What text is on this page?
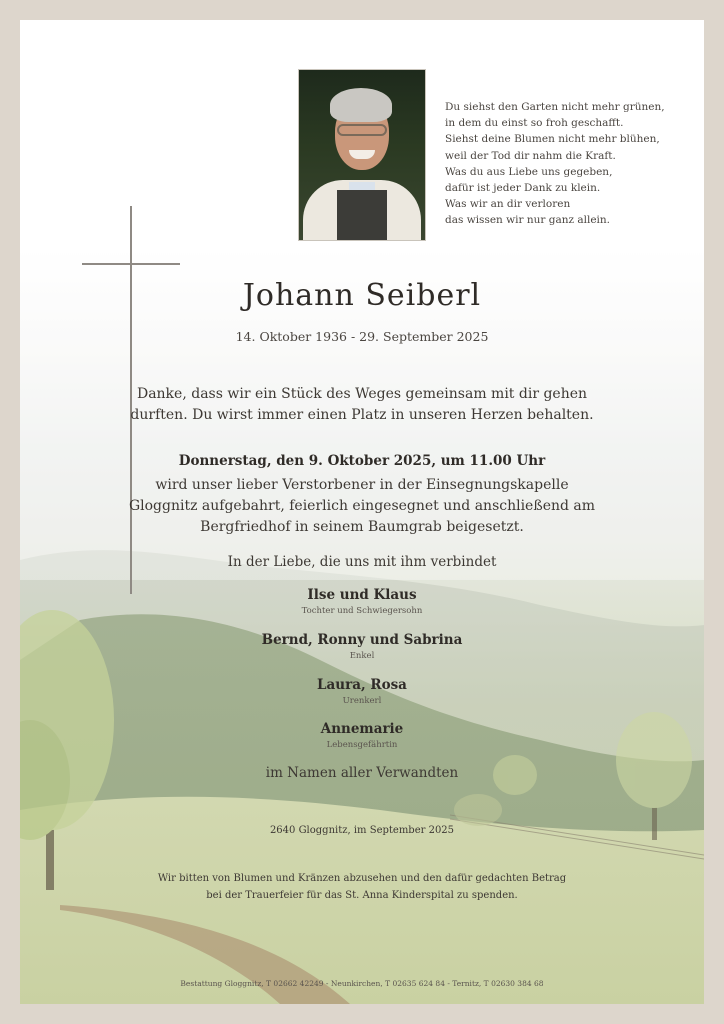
Du siehst den Garten nicht mehr grünen,
in dem du einst so froh geschafft.
Siehst deine Blumen nicht mehr blühen,
weil der Tod dir nahm die Kraft.
Was du aus Liebe uns gegeben,
dafür ist jeder Dank zu klein.
Was wir an dir verloren
das wissen wir nur ganz allein.
Johann Seiberl
14. Oktober 1936 - 29. September 2025
Danke, dass wir ein Stück des Weges gemeinsam mit dir gehen
durften. Du wirst immer einen Platz in unseren Herzen behalten.
Donnerstag, den 9. Oktober 2025, um 11.00 Uhr
wird unser lieber Verstorbener in der Einsegnungskapelle
Gloggnitz aufgebahrt, feierlich eingesegnet und anschließend am
Bergfriedhof in seinem Baumgrab beigesetzt.
In der Liebe, die uns mit ihm verbindet
Ilse und Klaus
Tochter und Schwiegersohn
Bernd, Ronny und Sabrina
Enkel
Laura, Rosa
Urenkerl
Annemarie
Lebensgefährtin
im Namen aller Verwandten
2640 Gloggnitz, im September 2025
Wir bitten von Blumen und Kränzen abzusehen und den dafür gedachten Betrag
bei der Trauerfeier für das St. Anna Kinderspital zu spenden.
Bestattung Gloggnitz, T 02662 42249 - Neunkirchen, T 02635 624 84 - Ternitz, T 02630 384 68
